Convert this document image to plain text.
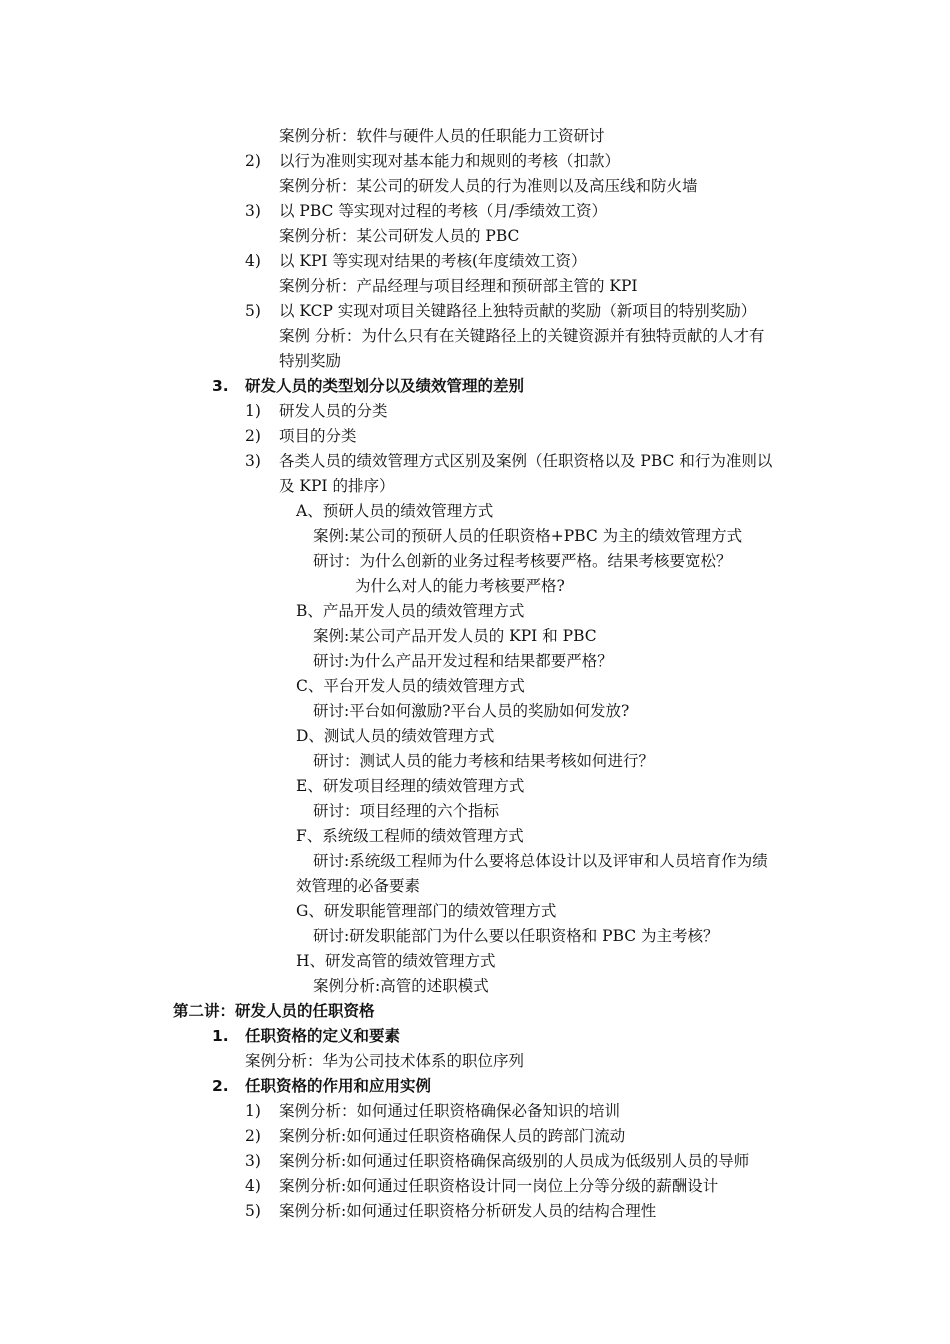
案例分析：软件与硬件人员的任职能力工资研讨
2) 以行为准则实现对基本能力和规则的考核（扣款）
案例分析：某公司的研发人员的行为准则以及高压线和防火墙
3) 以 PBC 等实现对过程的考核（月/季绩效工资）
案例分析：某公司研发人员的 PBC
4) 以 KPI 等实现对结果的考核(年度绩效工资）
案例分析：产品经理与项目经理和预研部主管的 KPI
5) 以 KCP 实现对项目关键路径上独特贡献的奖励（新项目的特别奖励）
案例 分析：为什么只有在关键路径上的关键资源并有独特贡献的人才有
特别奖励
3. 研发人员的类型划分以及绩效管理的差别
1) 研发人员的分类
2) 项目的分类
3) 各类人员的绩效管理方式区别及案例（任职资格以及 PBC 和行为准则以
及 KPI 的排序）
A、预研人员的绩效管理方式
案例:某公司的预研人员的任职资格+PBC 为主的绩效管理方式
研讨：为什么创新的业务过程考核要严格。结果考核要宽松？
为什么对人的能力考核要严格?
B、产品开发人员的绩效管理方式
案例:某公司产品开发人员的 KPI 和 PBC
研讨:为什么产品开发过程和结果都要严格？
C、平台开发人员的绩效管理方式
研讨:平台如何激励?平台人员的奖励如何发放?
D、测试人员的绩效管理方式
研讨：测试人员的能力考核和结果考核如何进行？
E、研发项目经理的绩效管理方式
研讨：项目经理的六个指标
F、系统级工程师的绩效管理方式
研讨:系统级工程师为什么要将总体设计以及评审和人员培育作为绩
效管理的必备要素
G、研发职能管理部门的绩效管理方式
研讨:研发职能部门为什么要以任职资格和 PBC 为主考核？
H、研发高管的绩效管理方式
案例分析:高管的述职模式
第二讲：研发人员的任职资格
1. 任职资格的定义和要素
案例分析：华为公司技术体系的职位序列
2. 任职资格的作用和应用实例
1) 案例分析：如何通过任职资格确保必备知识的培训
2) 案例分析:如何通过任职资格确保人员的跨部门流动
3) 案例分析:如何通过任职资格确保高级别的人员成为低级别人员的导师
4) 案例分析:如何通过任职资格设计同一岗位上分等分级的薪酬设计
5) 案例分析:如何通过任职资格分析研发人员的结构合理性
